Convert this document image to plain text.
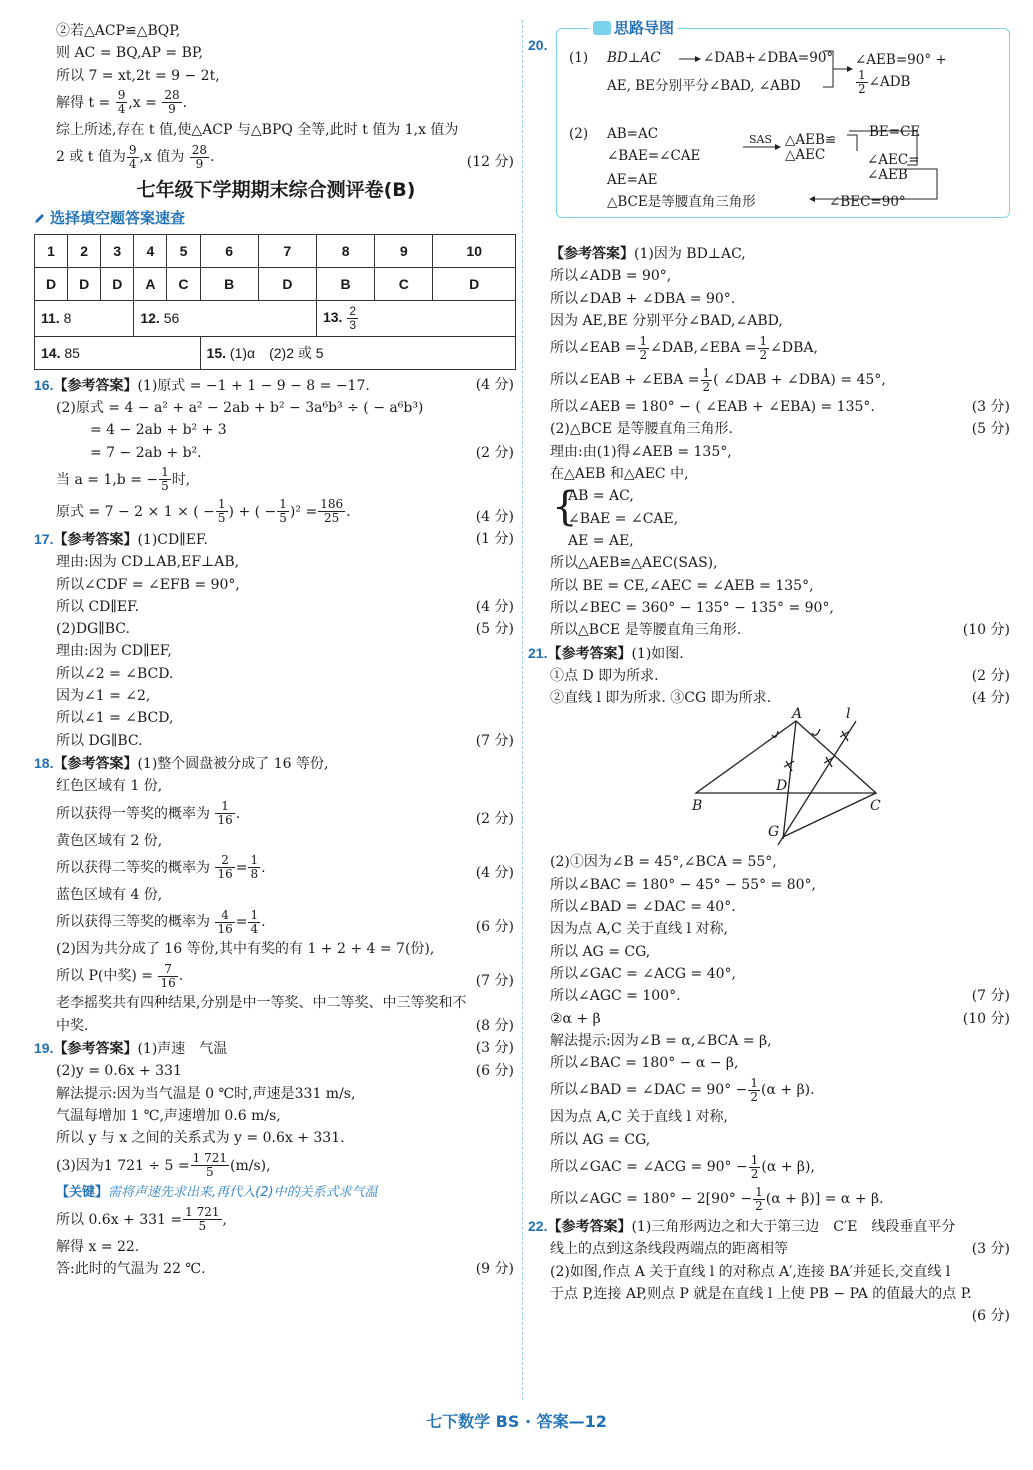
②若△ACP≌△BQP,
则 AC = BQ,AP = BP,
所以 7 = xt,2t = 9 − 2t,
解得 $t = \frac{9}{4} ,x = \frac{28}{9}$ .
综上所述,存在 t 值,使△ACP 与△BPQ 全等,此时 t 值为 1,x 值为
2 或 t 值为 $\frac{9}{4} ,x$ 值为 $\frac{28}{9}$ .	(12 分)
七年级下学期期末综合测评卷(B)
选择填空题答案速查
1	2	3	4	5	6	7	8	9	10
D	D	D	A	C	B	D	B	C	D
11. 8			12. 56				13. $\frac{2}{3}$

14. 85					15. (1)α　(2)2 或 5				
16.【参考答案】(1)原式 = −1 + 1 − 9 − 8 = −17.	(4 分)
(2)原式 = 4 − a² + a² − 2ab + b² − 3a⁶b³ ÷ ( − a⁶b³)
= 4 − 2ab + b² + 3
= 7 − 2ab + b².	(2 分)
当 a = 1,b = − $\frac{1}{5}$ 时,
原式 = 7 − 2 × 1 × ( − $\frac{1}{5}$ ) + ( − $\frac{1}{5} )^2 = \frac{186}{25}$ .	(4 分)
17.【参考答案】(1)CD∥EF.	(1 分)
理由:因为 CD⊥AB,EF⊥AB,
所以∠CDF = ∠EFB = 90°,
所以 CD∥EF.	(4 分)
(2)DG∥BC.	(5 分)
理由:因为 CD∥EF,
所以∠2 = ∠BCD.
因为∠1 = ∠2,
所以∠1 = ∠BCD,
所以 DG∥BC.	(7 分)
18.【参考答案】(1)整个圆盘被分成了 16 等份,
红色区域有 1 份,
所以获得一等奖的概率为 $\frac{1}{16}$ .	(2 分)
黄色区域有 2 份,
所以获得二等奖的概率为 $\frac{2}{16} = \frac{1}{8}$ .	(4 分)
蓝色区域有 4 份,
所以获得三等奖的概率为 $\frac{4}{16} = \frac{1}{4}$ .	(6 分)
(2)因为共分成了 16 等份,其中有奖的有 1 + 2 + 4 = 7(份),
所以 P(中奖) = $\frac{7}{16}$ .	(7 分)
老李摇奖共有四种结果,分别是中一等奖、中二等奖、中三等奖和不
中奖.	(8 分)
19.【参考答案】(1)声速　气温	(3 分)
(2)y = 0.6x + 331	(6 分)
解法提示:因为当气温是 0 ℃时,声速是331 m/s,
气温每增加 1 ℃,声速增加 0.6 m/s,
所以 y 与 x 之间的关系式为 y = 0.6x + 331.
(3)因为1 $721 \div 5 = \frac{1 721}{5} (m/s)$,
【关键】需将声速先求出来,再代入(2)中的关系式求气温
所以 $0.6x + 331 = \frac{1 721}{5}$ ,
解得 x = 22.
答:此时的气温为 22 ℃.	(9 分)
20.
思路导图
(1) BD⊥AC	∠DAB+∠DBA=90°
AE, BE分别平分∠BAD, ∠ABD
∠AEB=90° +
$\frac{1}{2}$ ∠ADB
(2) AB=AC
∠BAE=∠CAE
AE=AE
SAS △AEB≌
△AEC
BE=CE
∠AEC=
∠AEB
△BCE是等腰直角三角形	∠BEC=90°
【参考答案】(1)因为 BD⊥AC,
所以∠ADB = 90°,
所以∠DAB + ∠DBA = 90°.
因为 AE,BE 分别平分∠BAD,∠ABD,
所以∠EAB = $\frac{1}{2}$ ∠DAB,∠EBA = $\frac{1}{2}$ ∠DBA,
所以∠EAB + ∠EBA = $\frac{1}{2}$ ( ∠DAB + ∠DBA) = 45°,
所以∠AEB = 180° − ( ∠EAB + ∠EBA) = 135°.	(3 分)
(2)△BCE 是等腰直角三角形.	(5 分)
理由:由(1)得∠AEB = 135°,
在△AEB 和△AEC 中,
{
AB = AC,
∠BAE = ∠CAE,
AE = AE,
所以△AEB≌△AEC(SAS),
所以 BE = CE,∠AEC = ∠AEB = 135°,
所以∠BEC = 360° − 135° − 135° = 90°,
所以△BCE 是等腰直角三角形.	(10 分)
21.【参考答案】(1)如图.
①点 D 即为所求.	(2 分)
②直线 l 即为所求. ③CG 即为所求.	(4 分)
A
B	C
D
G
l
(2)①因为∠B = 45°,∠BCA = 55°,
所以∠BAC = 180° − 45° − 55° = 80°,
所以∠BAD = ∠DAC = 40°.
因为点 A,C 关于直线 l 对称,
所以 AG = CG,
所以∠GAC = ∠ACG = 40°,
所以∠AGC = 100°.	(7 分)
②α + β	(10 分)
解法提示:因为∠B = α,∠BCA = β,
所以∠BAC = 180° − α − β,
所以∠BAD = ∠DAC = $90^\circ - \frac{1}{2} (\alpha + \beta)$.
因为点 A,C 关于直线 l 对称,
所以 AG = CG,
所以∠GAC = ∠ACG = $90^\circ - \frac{1}{2} (\alpha + \beta)$,
所以∠AGC = $180^\circ - 2[90^\circ - \frac{1}{2} (\alpha + \beta)] = \alpha + \beta$.
22.【参考答案】(1)三角形两边之和大于第三边　C′E　线段垂直平分
线上的点到这条线段两端点的距离相等	(3 分)
(2)如图,作点 A 关于直线 l 的对称点 A′,连接 BA′并延长,交直线 l
于点 P,连接 AP,则点 P 就是在直线 l 上使 PB − PA 的值最大的点 P.
(6 分)
七下数学 BS · 答案—12
